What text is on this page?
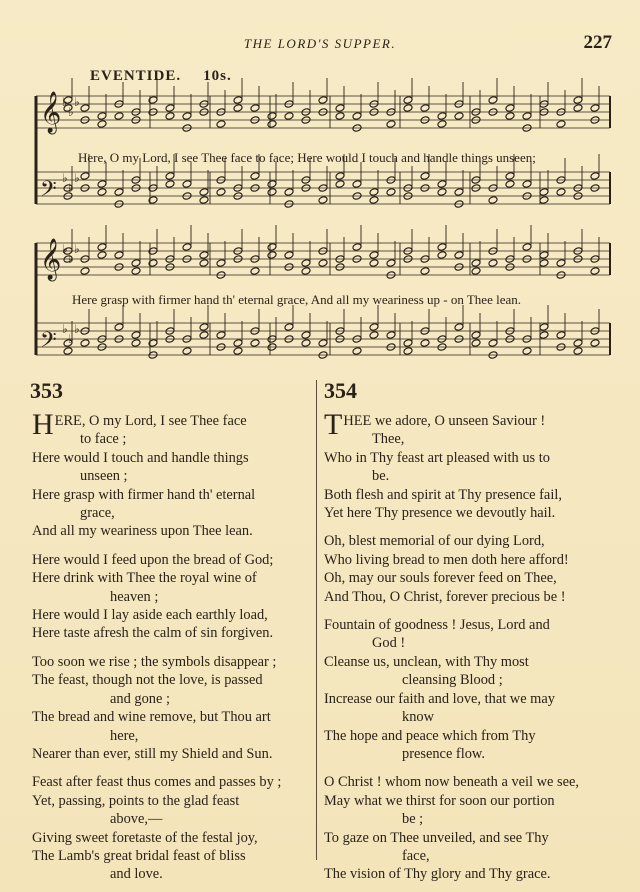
THE LORD'S SUPPER.	227
EVENTIDE. 10s.
𝄞 ♭
♭
♭
𝄢 ♭
♭
♭
𝄞 ♭
♭
♭
𝄢 ♭
♭
♭
Here, O my Lord, I see Thee face to face; Here would I touch and handle things unseen;
Here grasp with firmer hand th' eternal grace, And all my weariness up - on Thee lean.
353	354
HERE, O my Lord, I see Thee face
to face ;
Here would I touch and handle things
unseen ;
Here grasp with firmer hand th' eternal
grace,
And all my weariness upon Thee lean.
Here would I feed upon the bread of God;
Here drink with Thee the royal wine of
heaven ;
Here would I lay aside each earthly load,
Here taste afresh the calm of sin forgiven.
Too soon we rise ; the symbols disappear ;
The feast, though not the love, is passed
and gone ;
The bread and wine remove, but Thou art
here,
Nearer than ever, still my Shield and Sun.
Feast after feast thus comes and passes by ;
Yet, passing, points to the glad feast
above,—
Giving sweet foretaste of the festal joy,
The Lamb's great bridal feast of bliss
and love.
THEE we adore, O unseen Saviour !
Thee,
Who in Thy feast art pleased with us to
be.
Both flesh and spirit at Thy presence fail,
Yet here Thy presence we devoutly hail.
Oh, blest memorial of our dying Lord,
Who living bread to men doth here afford!
Oh, may our souls forever feed on Thee,
And Thou, O Christ, forever precious be !
Fountain of goodness ! Jesus, Lord and
God !
Cleanse us, unclean, with Thy most
cleansing Blood ;
Increase our faith and love, that we may
know
The hope and peace which from Thy
presence flow.
O Christ ! whom now beneath a veil we see,
May what we thirst for soon our portion
be ;
To gaze on Thee unveiled, and see Thy
face,
The vision of Thy glory and Thy grace.
